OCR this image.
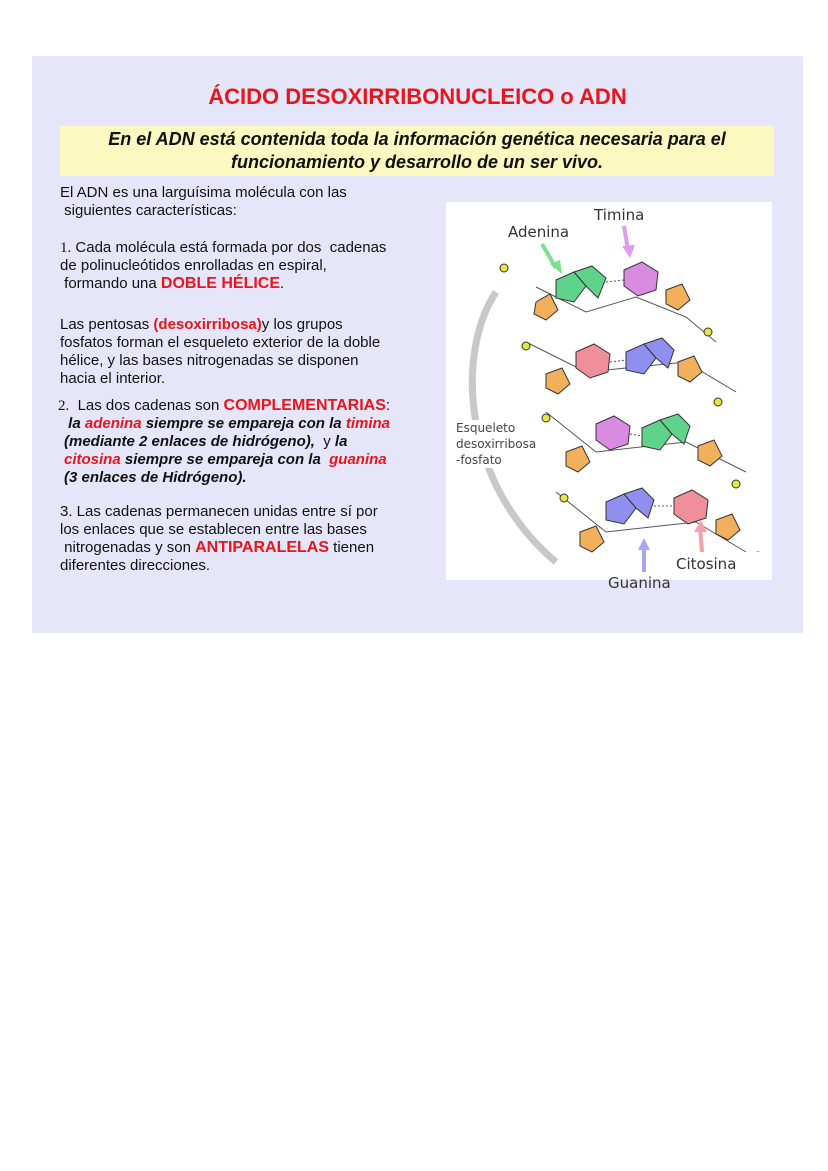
ÁCIDO DESOXIRRIBONUCLEICO o ADN
En el ADN está contenida toda la información genética necesaria para el
funcionamiento y desarrollo de un ser vivo.
El ADN es una larguísima molécula con las
siguientes características:
1. Cada molécula está formada por dos  cadenas
de polinucleótidos enrolladas en espiral,
formando una DOBLE HÉLICE.
Las pentosas (desoxirribosa)y los grupos
fosfatos forman el esqueleto exterior de la doble
hélice, y las bases nitrogenadas se disponen
hacia el interior.
2.  Las dos cadenas son COMPLEMENTARIAS:
la adenina siempre se empareja con la timina
(mediante 2 enlaces de hidrógeno),  y la
citosina siempre se empareja con la  guanina
(3 enlaces de Hidrógeno).
3. Las cadenas permanecen unidas entre sí por
los enlaces que se establecen entre las bases
nitrogenadas y son ANTIPARALELAS tienen
diferentes direcciones.
Timina
Adenina
Esqueleto
desoxirribosa
-fosfato
Citosina
Guanina
